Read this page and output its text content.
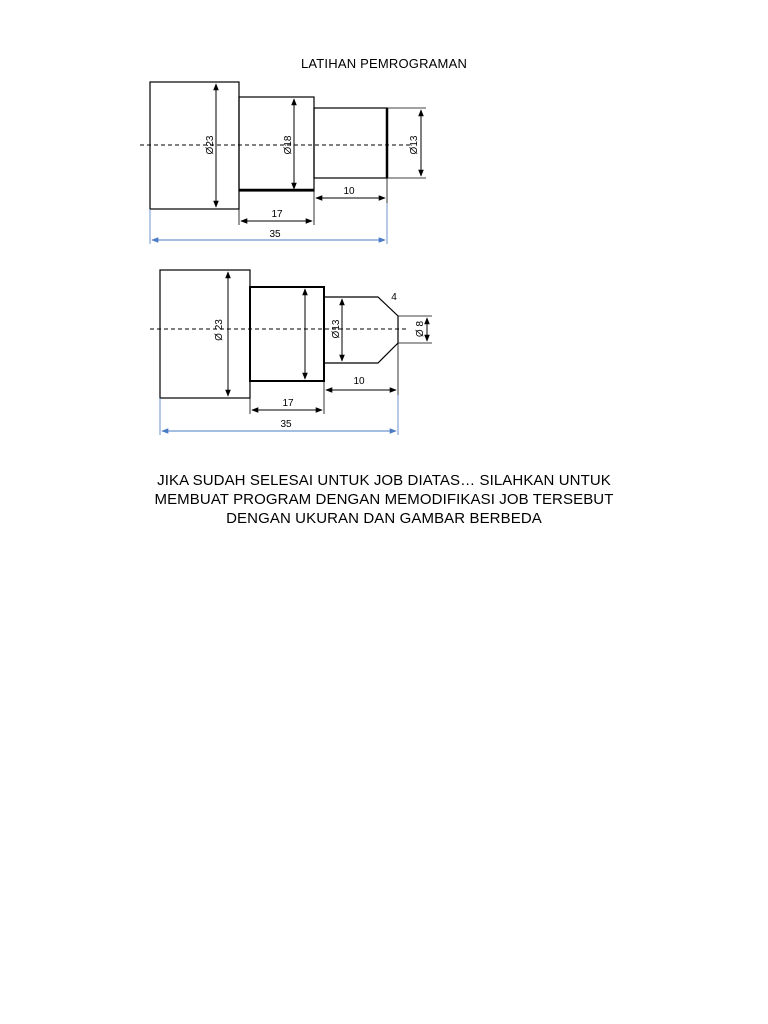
LATIHAN PEMROGRAMAN
Ø23	Ø18	Ø13
10
17
35
Ø 23	Ø13	Ø 8
4
10
17
35
JIKA SUDAH SELESAI UNTUK JOB DIATAS… SILAHKAN UNTUK
MEMBUAT PROGRAM DENGAN MEMODIFIKASI JOB TERSEBUT
DENGAN UKURAN DAN GAMBAR BERBEDA
